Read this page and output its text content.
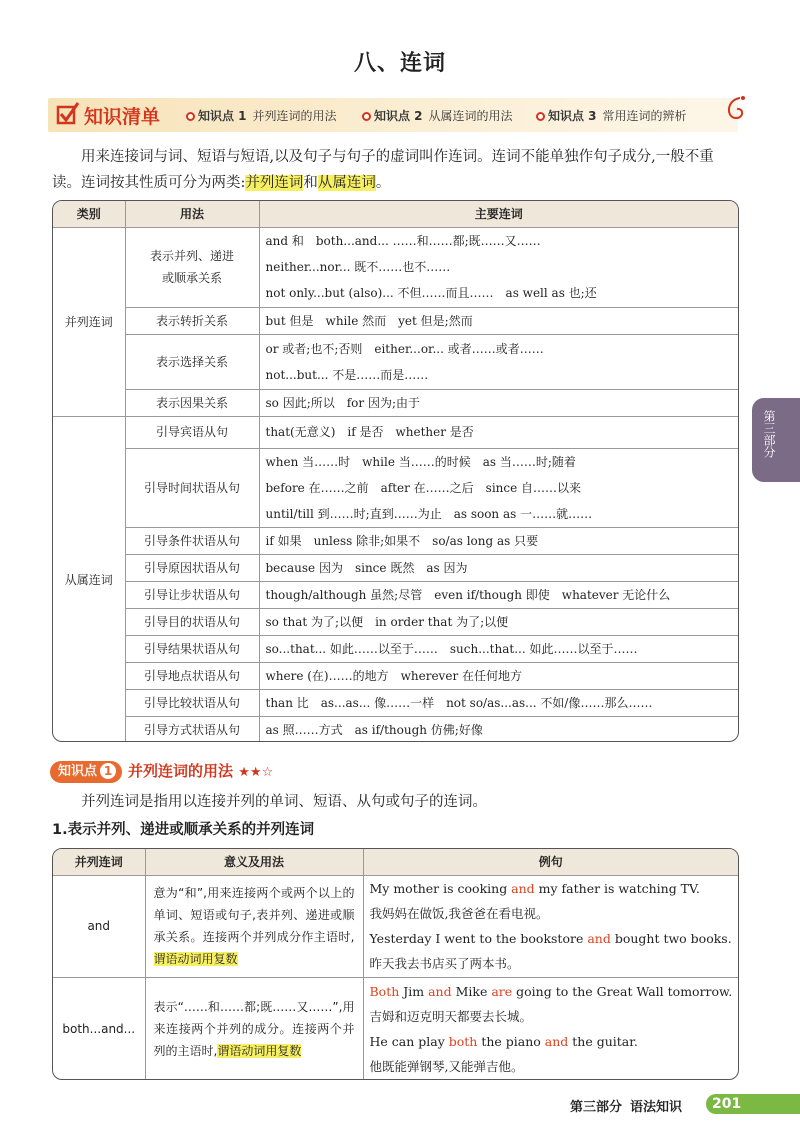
八、连词
知识清单	知识点 1 并列连词的用法	知识点 2 从属连词的用法	知识点 3 常用连词的辨析
用来连接词与词、短语与短语,以及句子与句子的虚词叫作连词。连词不能单独作句子成分,一般不重读。连词按其性质可分为两类:并列连词和从属连词。
类别	用法	主要连词
并列连词	表示并列、递进或顺承关系	and 和　both...and... ……和……都;既……又……
neither...nor... 既不……也不……
not only...but (also)... 不但……而且……　as well as 也;还

	表示转折关系	but 但是　while 然而　yet 但是;然而

	表示选择关系	or 或者;也不;否则　either...or... 或者……或者……
not...but... 不是……而是……

	表示因果关系	so 因此;所以　for 因为;由于

从属连词	引导宾语从句	that(无意义)　if 是否　whether 是否

	引导时间状语从句	when 当……时　while 当……的时候　as 当……时;随着
before 在……之前　after 在……之后　since 自……以来
until/till 到……时;直到……为止　as soon as 一……就……

	引导条件状语从句	if 如果　unless 除非;如果不　so/as long as 只要

	引导原因状语从句	because 因为　since 既然　as 因为

	引导让步状语从句	though/although 虽然;尽管　even if/though 即使　whatever 无论什么

	引导目的状语从句	so that 为了;以便　in order that 为了;以便

	引导结果状语从句	so...that... 如此……以至于……　such...that... 如此……以至于……

	引导地点状语从句	where (在)……的地方　wherever 在任何地方

	引导比较状语从句	than 比　as...as... 像……一样　not so/as...as... 不如/像……那么……

	引导方式状语从句	as 照……方式　as if/though 仿佛;好像
知识点 1 并列连词的用法 ★★☆
并列连词是指用以连接并列的单词、短语、从句或句子的连词。
1.表示并列、递进或顺承关系的并列连词
并列连词	意义及用法	例句
and	意为“和”,用来连接两个或两个以上的单词、短语或句子,表并列、递进或顺承关系。连接两个并列成分作主语时,谓语动词用复数	My mother is cooking and my father is watching TV.
我妈妈在做饭,我爸爸在看电视。
Yesterday I went to the bookstore and bought two books.
昨天我去书店买了两本书。

both...and...	表示“……和……都;既……又……”,用来连接两个并列的成分。连接两个并列的主语时,谓语动词用复数	Both Jim and Mike are going to the Great Wall tomorrow.
吉姆和迈克明天都要去长城。
He can play both the piano and the guitar.
他既能弹钢琴,又能弹吉他。
第三部分
第三部分 语法知识	201
